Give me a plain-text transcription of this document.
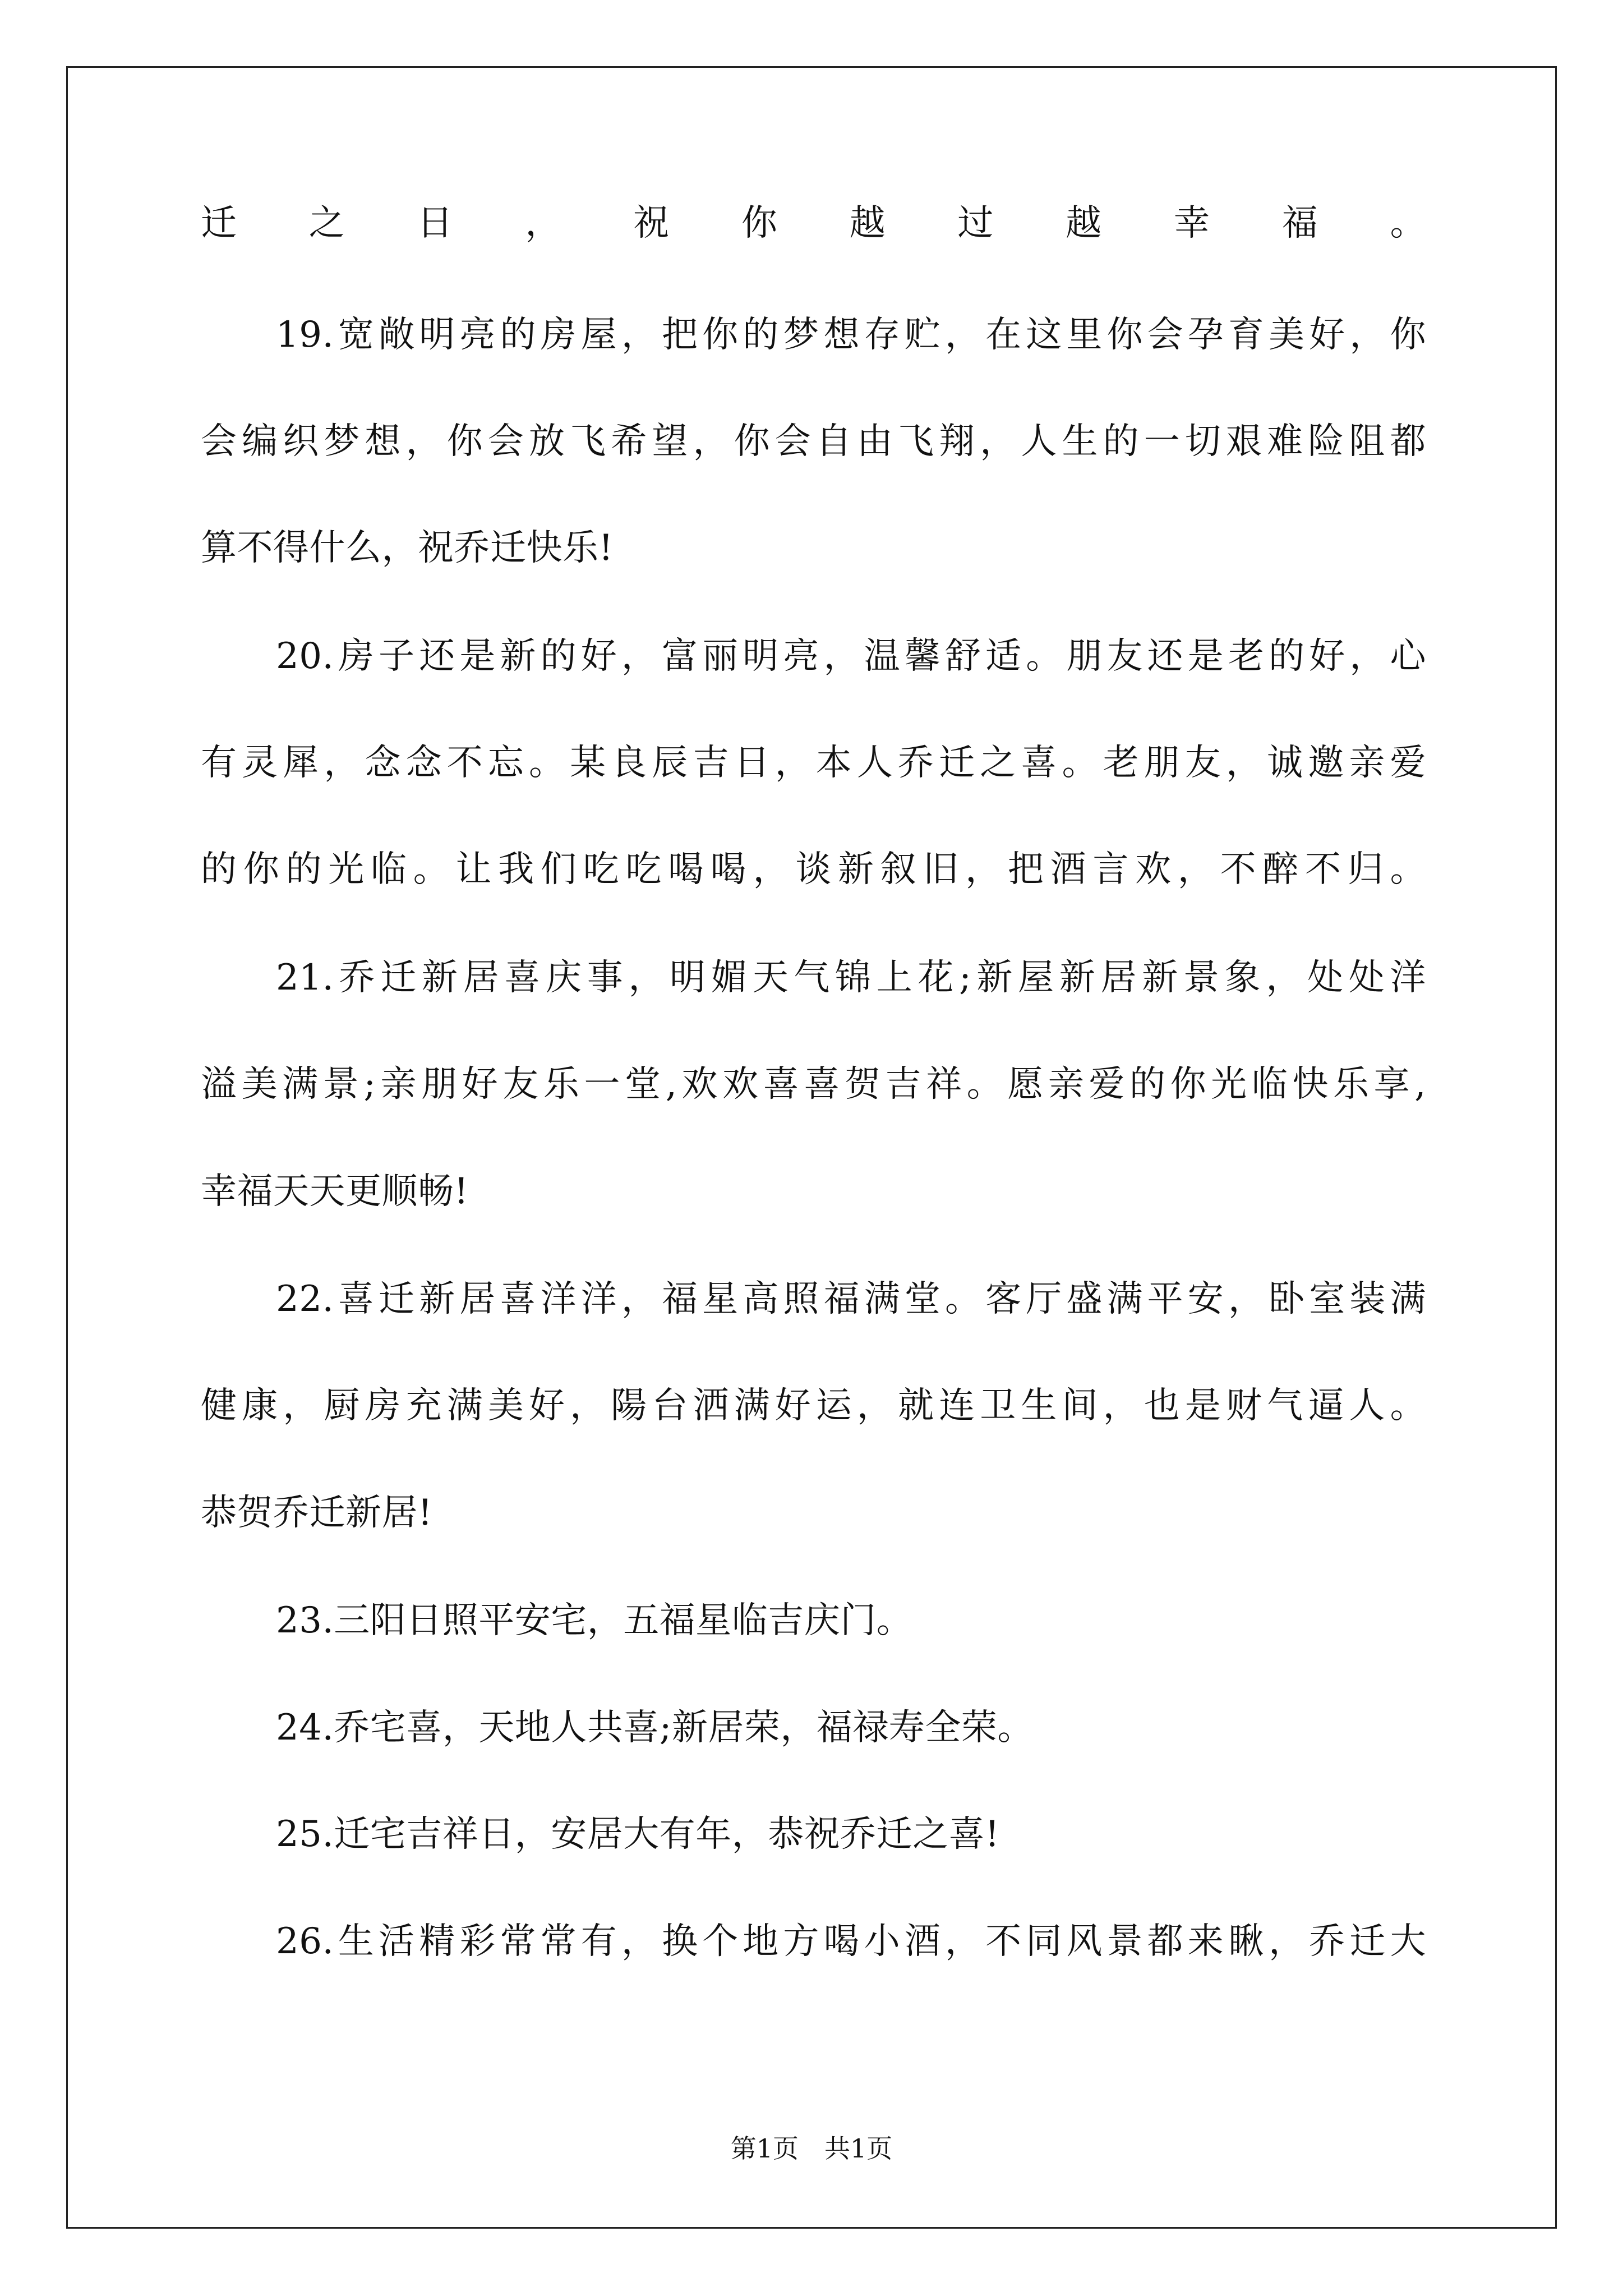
迁之日，祝你越过越幸福。
19.宽敞明亮的房屋，把你的梦想存贮，在这里你会孕育美好，你
会编织梦想，你会放飞希望，你会自由飞翔，人生的一切艰难险阻都
算不得什么，祝乔迁快乐!
20.房子还是新的好，富丽明亮，温馨舒适。朋友还是老的好，心
有灵犀，念念不忘。某良辰吉日，本人乔迁之喜。老朋友，诚邀亲爱
的你的光临。让我们吃吃喝喝，谈新叙旧，把酒言欢，不醉不归。
21.乔迁新居喜庆事，明媚天气锦上花;新屋新居新景象，处处洋
溢美满景;亲朋好友乐一堂,欢欢喜喜贺吉祥。愿亲爱的你光临快乐享,
幸福天天更顺畅!
22.喜迁新居喜洋洋，福星高照福满堂。客厅盛满平安，卧室装满
健康，厨房充满美好，陽台洒满好运，就连卫生间，也是财气逼人。
恭贺乔迁新居!
23.三阳日照平安宅，五福星临吉庆门。
24.乔宅喜，天地人共喜;新居荣，福禄寿全荣。
25.迁宅吉祥日，安居大有年，恭祝乔迁之喜!
26.生活精彩常常有，换个地方喝小酒，不同风景都来瞅，乔迁大
第1页　共1页
